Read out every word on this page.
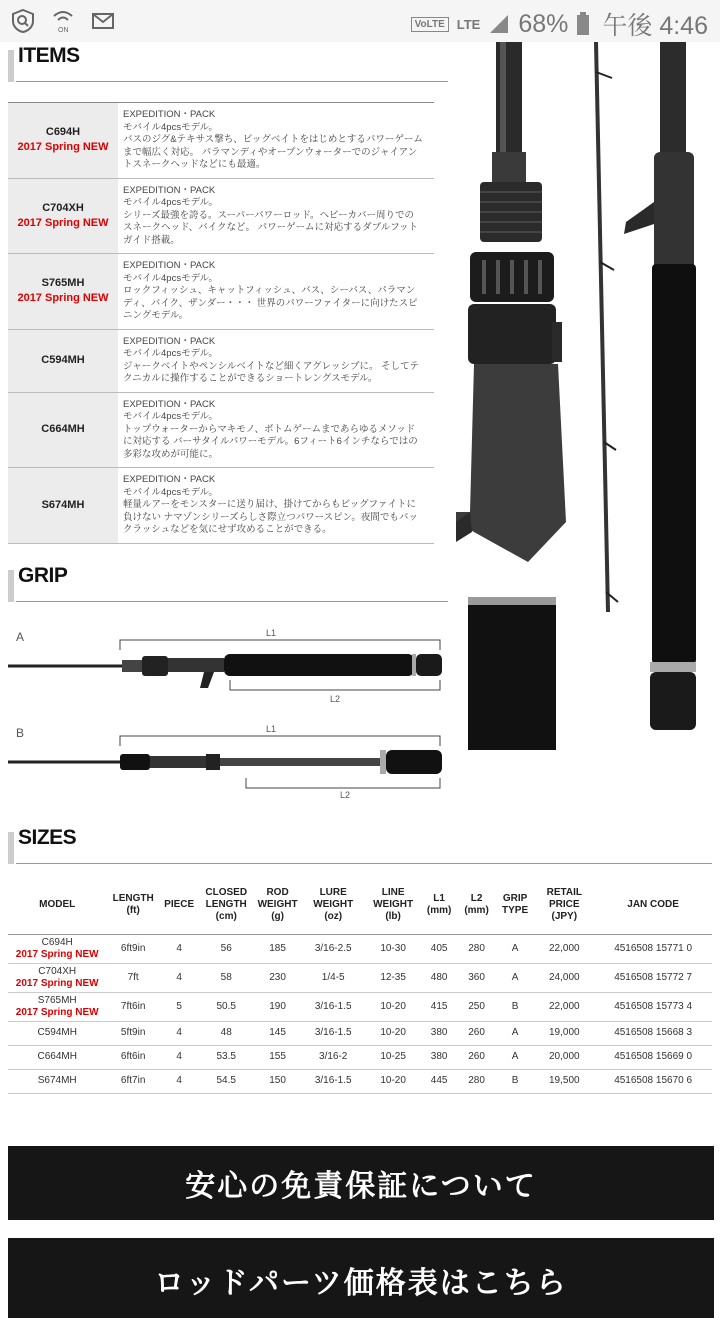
ON
VoLTE LTE 68% 午後 4:46
ITEMS
C694H
2017 Spring NEW
EXPEDITION・PACK
モバイル4pcsモデル。
バスのジグ&テキサス撃ち、ビッグベイトをはじめとするパワーゲーム
まで幅広く対応。 パラマンディやオープンウォーターでのジャイアン
トスネークヘッドなどにも最適。
C704XH
2017 Spring NEW
EXPEDITION・PACK
モバイル4pcsモデル。
シリーズ最強を誇る。スーパーパワーロッド。ヘビーカバー周りでの
スネークヘッド、バイクなど。 パワーゲームに対応するダブルフット
ガイド搭載。
S765MH
2017 Spring NEW
EXPEDITION・PACK
モバイル4pcsモデル。
ロックフィッシュ、キャットフィッシュ、バス、シーバス、パラマン
ディ、バイク、ザンダー・・・ 世界のパワーファイターに向けたスピ
ニングモデル。
C594MH
EXPEDITION・PACK
モバイル4pcsモデル。
ジャークベイトやペンシルベイトなど細くアグレッシブに。 そしてテ
クニカルに操作することができるショートレングスモデル。
C664MH
EXPEDITION・PACK
モバイル4pcsモデル。
トップウォーターからマキモノ、ボトムゲームまであらゆるメソッド
に対応する バーサタイルパワーモデル。6フィート6インチならではの
多彩な攻めが可能に。
S674MH
EXPEDITION・PACK
モバイル4pcsモデル。
軽量ルアーをモンスターに送り届け、掛けてからもビッグファイトに
負けない ナマゾンシリーズらしさ際立つパワースピン。夜間でもバッ
クラッシュなどを気にせず攻めることができる。
GRIP
A
B
L1
L2
L1
L2
SIZES
MODEL	LENGTH (ft)	PIECE	CLOSED LENGTH (cm)	ROD WEIGHT (g)	LURE WEIGHT (oz)	LINE WEIGHT (lb)	L1 (mm)	L2 (mm)	GRIP TYPE	RETAIL PRICE (JPY)	JAN CODE

C694H
2017 Spring NEW	6ft9in	4	56	185	3/16-2.5	10-30	405	280	A	22,000	4516508 15771 0

C704XH
2017 Spring NEW	7ft	4	58	230	1/4-5	12-35	480	360	A	24,000	4516508 15772 7

S765MH
2017 Spring NEW	7ft6in	5	50.5	190	3/16-1.5	10-20	415	250	B	22,000	4516508 15773 4

C594MH	5ft9in	4	48	145	3/16-1.5	10-20	380	260	A	19,000	4516508 15668 3

C664MH	6ft6in	4	53.5	155	3/16-2	10-25	380	260	A	20,000	4516508 15669 0

S674MH	6ft7in	4	54.5	150	3/16-1.5	10-20	445	280	B	19,500	4516508 15670 6
安心の免責保証について
ロッドパーツ価格表はこちら
